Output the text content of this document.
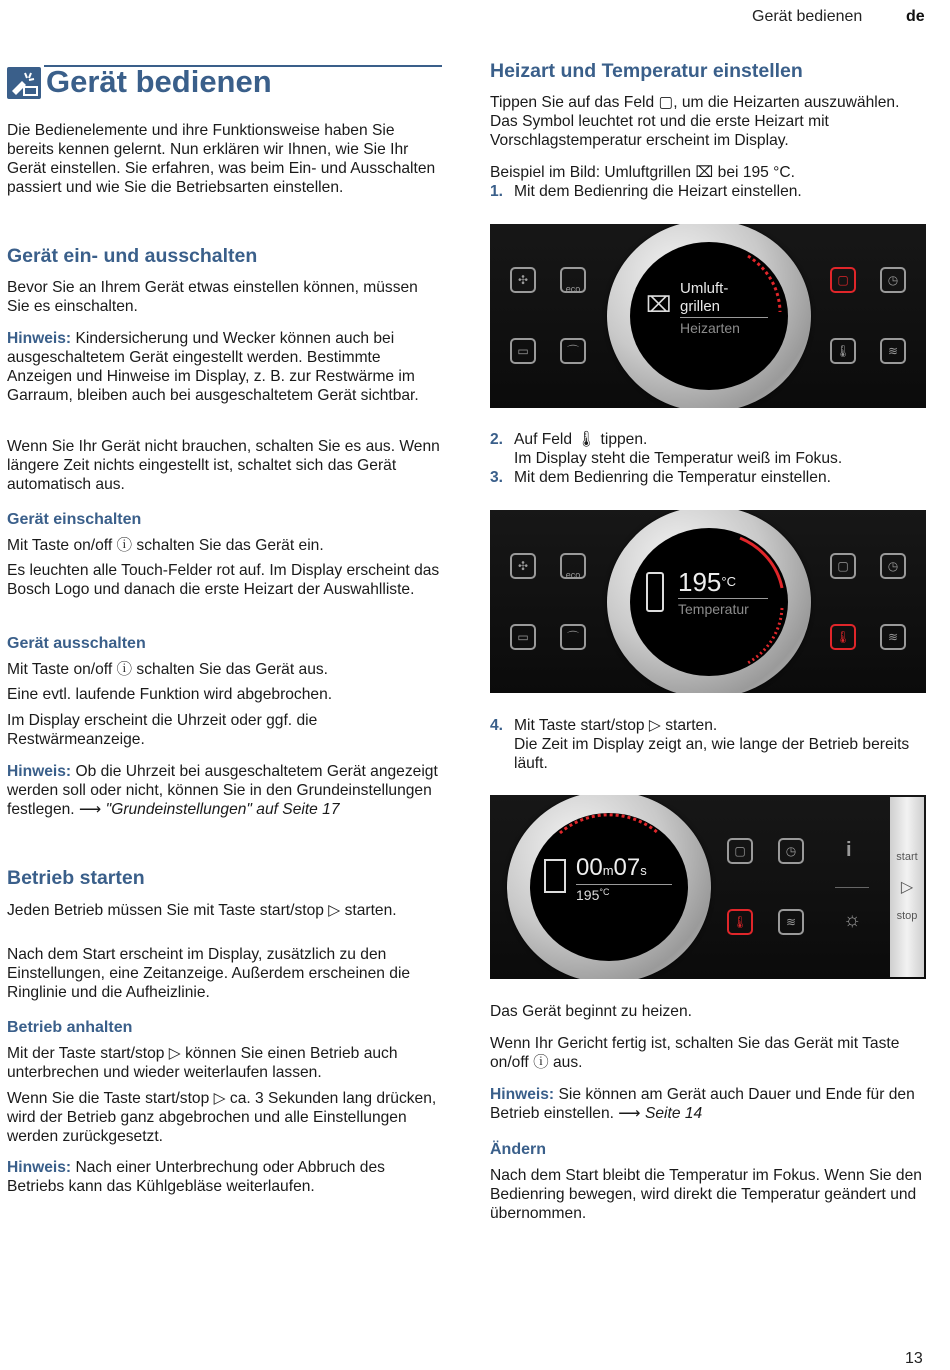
Gerät bedienen	de
Gerät bedienen

Die Bedienelemente und ihre Funktionsweise haben Sie bereits kennen gelernt. Nun erklären wir Ihnen, wie Sie Ihr Gerät einstellen. Sie erfahren, was beim Ein- und Ausschalten passiert und wie Sie die Betriebsarten einstellen.

Gerät ein- und ausschalten

Bevor Sie an Ihrem Gerät etwas einstellen können, müssen Sie es einschalten.

Hinweis: Kindersicherung und Wecker können auch bei ausgeschaltetem Gerät eingestellt werden. Bestimmte Anzeigen und Hinweise im Display, z. B. zur Restwärme im Garraum, bleiben auch bei ausgeschaltetem Gerät sichtbar.

Wenn Sie Ihr Gerät nicht brauchen, schalten Sie es aus. Wenn längere Zeit nichts eingestellt ist, schaltet sich das Gerät automatisch aus.

Gerät einschalten

Mit Taste on/off ⓘ schalten Sie das Gerät ein.

Es leuchten alle Touch-Felder rot auf. Im Display erscheint das Bosch Logo und danach die erste Heizart der Auswahlliste.

Gerät ausschalten

Mit Taste on/off ⓘ schalten Sie das Gerät aus.

Eine evtl. laufende Funktion wird abgebrochen.

Im Display erscheint die Uhrzeit oder ggf. die Restwärmeanzeige.

Hinweis: Ob die Uhrzeit bei ausgeschaltetem Gerät angezeigt werden soll oder nicht, können Sie in den Grundeinstellungen festlegen. ⟶ "Grundeinstellungen" auf Seite 17

Betrieb starten

Jeden Betrieb müssen Sie mit Taste start/stop ▷ starten.

Nach dem Start erscheint im Display, zusätzlich zu den Einstellungen, eine Zeitanzeige. Außerdem erscheinen die Ringlinie und die Aufheizlinie.

Betrieb anhalten

Mit der Taste start/stop ▷ können Sie einen Betrieb auch unterbrechen und wieder weiterlaufen lassen.

Wenn Sie die Taste start/stop ▷ ca. 3 Sekunden lang drücken, wird der Betrieb ganz abgebrochen und alle Einstellungen werden zurückgesetzt.

Hinweis: Nach einer Unterbrechung oder Abbruch des Betriebs kann das Kühlgebläse weiterlaufen.

Heizart und Temperatur einstellen

Tippen Sie auf das Feld ▢, um die Heizarten auszuwählen. Das Symbol leuchtet rot und die erste Heizart mit Vorschlagstemperatur erscheint im Display.

Beispiel im Bild: Umluftgrillen ⌧ bei 195 °C.

1. Mit dem Bedienring die Heizart einstellen.

✣
eco
▭	⌒
▢	◷
🌡	≋
⌧
Umluft-
grillen
Heizarten

2. Auf Feld 🌡 tippen.

Im Display steht die Temperatur weiß im Fokus.

3. Mit dem Bedienring die Temperatur einstellen.

✣
eco
▭	⌒
▢	◷
🌡	≋
$195^{^\circ C}$
Temperatur

4. Mit Taste start/stop ▷ starten.

Die Zeit im Display zeigt an, wie lange der Betrieb bereits läuft.

00m07s
$195^{^\circ C}$
▢	◷ i
🌡	≋ ☼
start
▷
stop

Das Gerät beginnt zu heizen.

Wenn Ihr Gericht fertig ist, schalten Sie das Gerät mit Taste on/off ⓘ aus.

Hinweis: Sie können am Gerät auch Dauer und Ende für den Betrieb einstellen. ⟶ Seite 14

Ändern

Nach dem Start bleibt die Temperatur im Fokus. Wenn Sie den Bedienring bewegen, wird direkt die Temperatur geändert und übernommen.

13
